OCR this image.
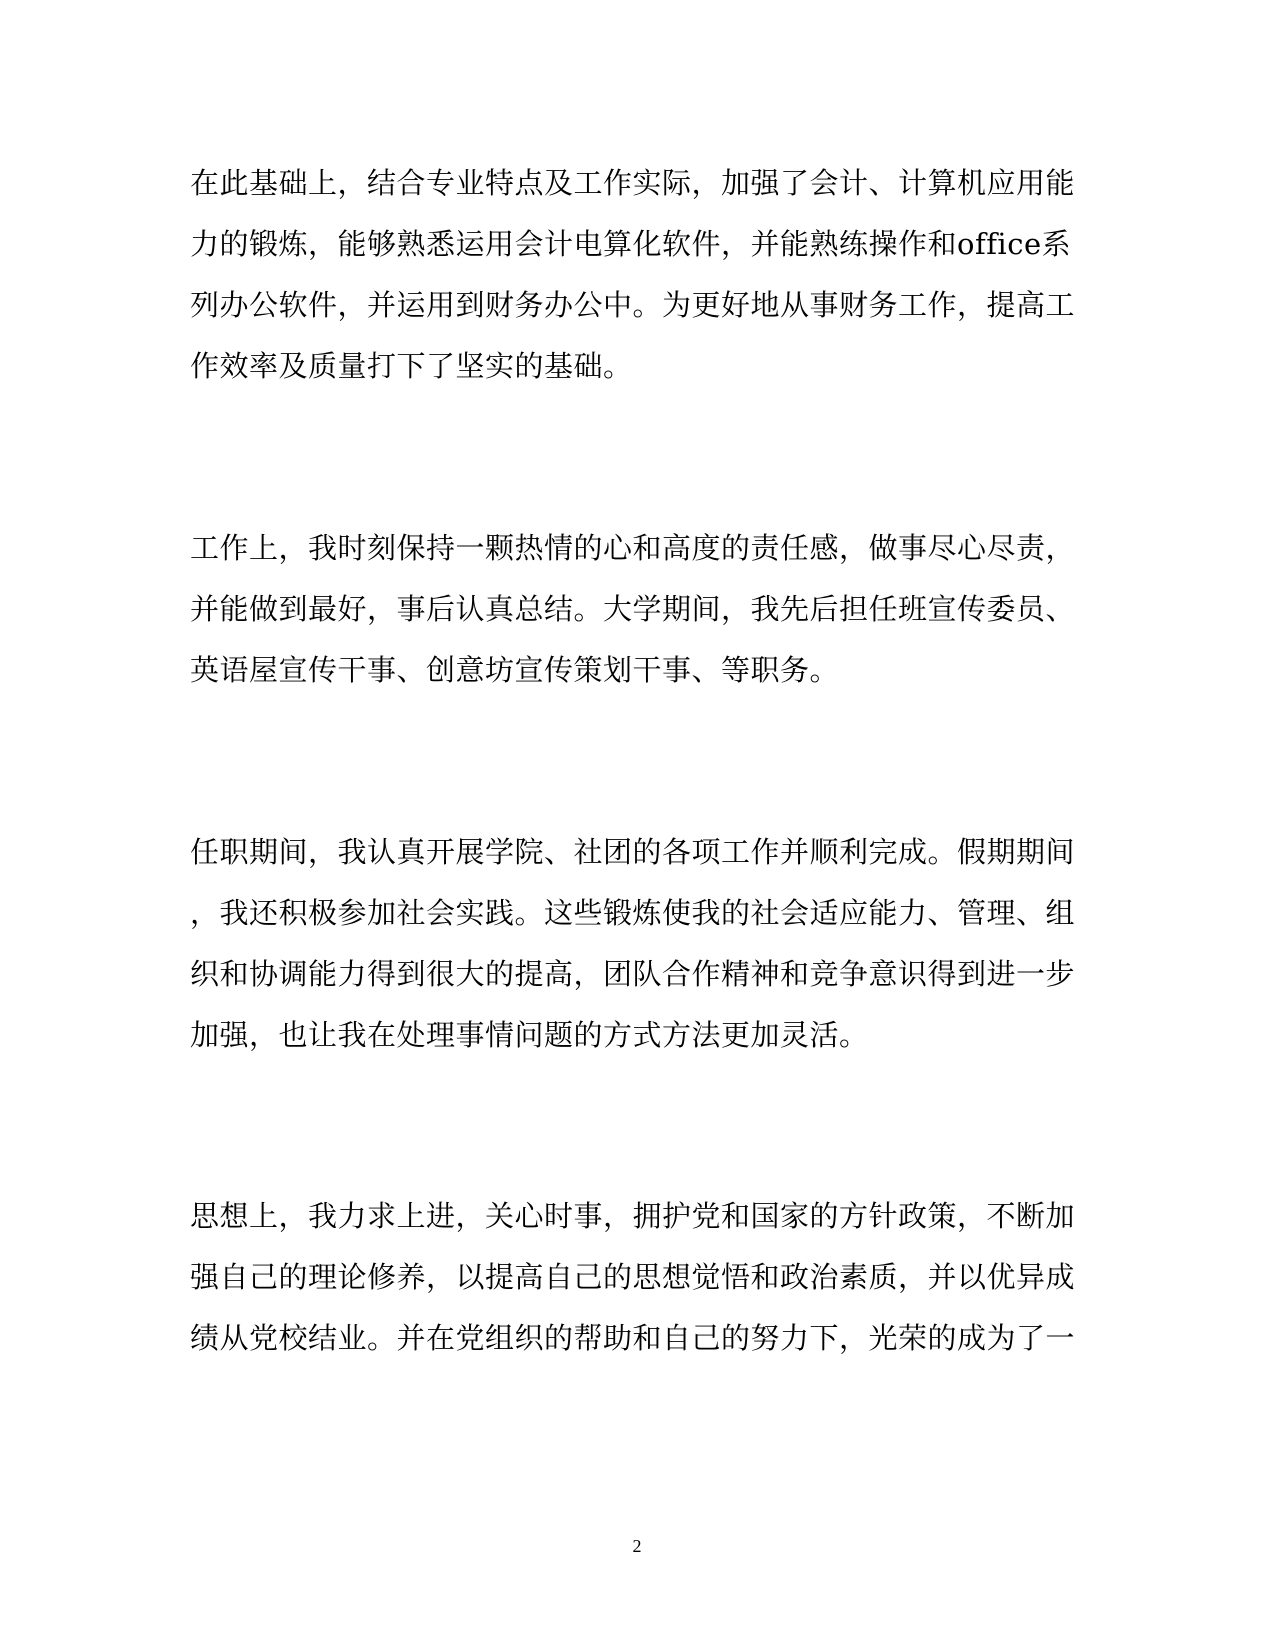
在此基础上，结合专业特点及工作实际，加强了会计、计算机应用能
力的锻炼，能够熟悉运用会计电算化软件，并能熟练操作和office系
列办公软件，并运用到财务办公中。为更好地从事财务工作，提高工
作效率及质量打下了坚实的基础。
工作上，我时刻保持一颗热情的心和高度的责任感，做事尽心尽责，
并能做到最好，事后认真总结。大学期间，我先后担任班宣传委员、
英语屋宣传干事、创意坊宣传策划干事、等职务。
任职期间，我认真开展学院、社团的各项工作并顺利完成。假期期间
，我还积极参加社会实践。这些锻炼使我的社会适应能力、管理、组
织和协调能力得到很大的提高，团队合作精神和竞争意识得到进一步
加强，也让我在处理事情问题的方式方法更加灵活。
思想上，我力求上进，关心时事，拥护党和国家的方针政策，不断加
强自己的理论修养，以提高自己的思想觉悟和政治素质，并以优异成
绩从党校结业。并在党组织的帮助和自己的努力下，光荣的成为了一
2
